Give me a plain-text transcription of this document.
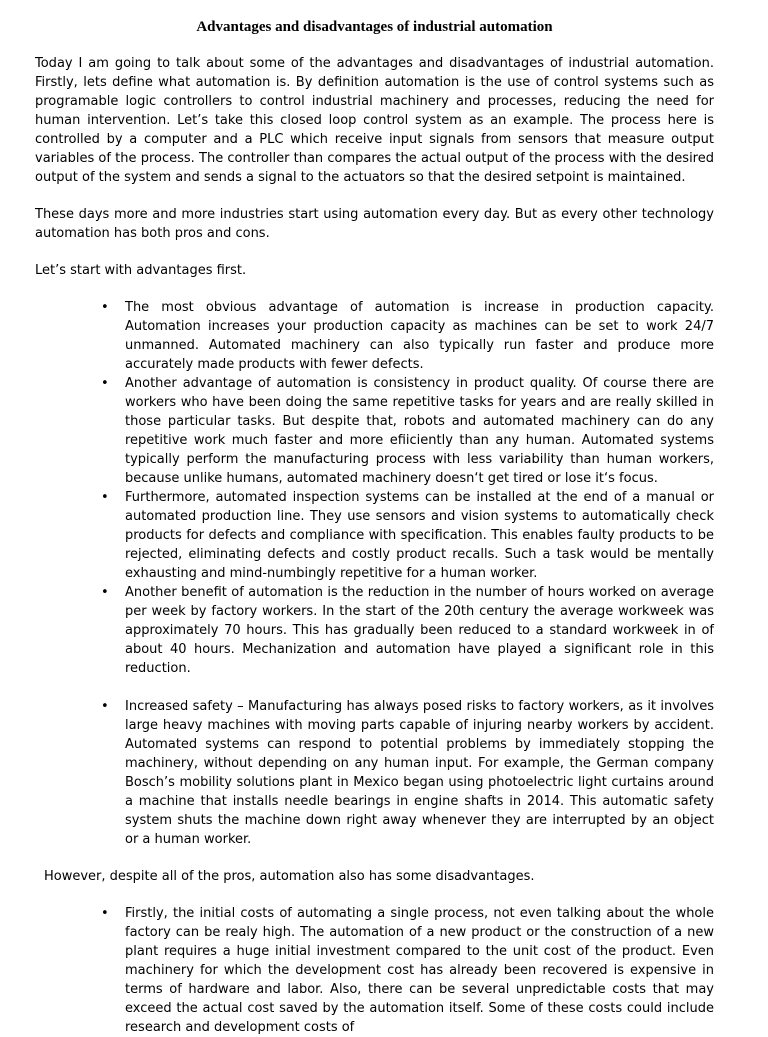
Advantages and disadvantages of industrial automation

Today I am going to talk about some of the advantages and disadvantages of industrial automation. Firstly, lets define what automation is. By definition automation is the use of control systems such as programable logic controllers to control industrial machinery and processes, reducing the need for human intervention. Let’s take this closed loop control system as an example. The process here is controlled by a computer and a PLC which receive input signals from sensors that measure output variables of the process. The controller than compares the actual output of the process with the desired output of the system and sends a signal to the actuators so that the desired setpoint is maintained.

These days more and more industries start using automation every day. But as every other technology automation has both pros and cons.

Let’s start with advantages first.
• The most obvious advantage of automation is increase in production capacity. Automation increases your production capacity as machines can be set to work 24/7 unmanned. Automated machinery can also typically run faster and produce more accurately made products with fewer defects.
• Another advantage of automation is consistency in product quality. Of course there are workers who have been doing the same repetitive tasks for years and are really skilled in those particular tasks. But despite that, robots and automated machinery can do any repetitive work much faster and more efiiciently than any human. Automated systems typically perform the manufacturing process with less variability than human workers, because unlike humans, automated machinery doesn‘t get tired or lose it‘s focus.
• Furthermore, automated inspection systems can be installed at the end of a manual or automated production line. They use sensors and vision systems to automatically check products for defects and compliance with specification. This enables faulty products to be rejected, eliminating defects and costly product recalls. Such a task would be mentally exhausting and mind-numbingly repetitive for a human worker.
• Another benefit of automation is the reduction in the number of hours worked on average per week by factory workers. In the start of the 20th century the average workweek was approximately 70 hours. This has gradually been reduced to a standard workweek in of about 40 hours. Mechanization and automation have played a significant role in this reduction.
• Increased safety – Manufacturing has always posed risks to factory workers, as it involves large heavy machines with moving parts capable of injuring nearby workers by accident. Automated systems can respond to potential problems by immediately stopping the machinery, without depending on any human input. For example, the German company Bosch’s mobility solutions plant in Mexico began using photoelectric light curtains around a machine that installs needle bearings in engine shafts in 2014. This automatic safety system shuts the machine down right away whenever they are interrupted by an object or a human worker.
However, despite all of the pros, automation also has some disadvantages.
• Firstly, the initial costs of automating a single process, not even talking about the whole factory can be realy high. The automation of a new product or the construction of a new plant requires a huge initial investment compared to the unit cost of the product. Even machinery for which the development cost has already been recovered is expensive in terms of hardware and labor. Also, there can be several unpredictable costs that may exceed the actual cost saved by the automation itself. Some of these costs could include research and development costs of
